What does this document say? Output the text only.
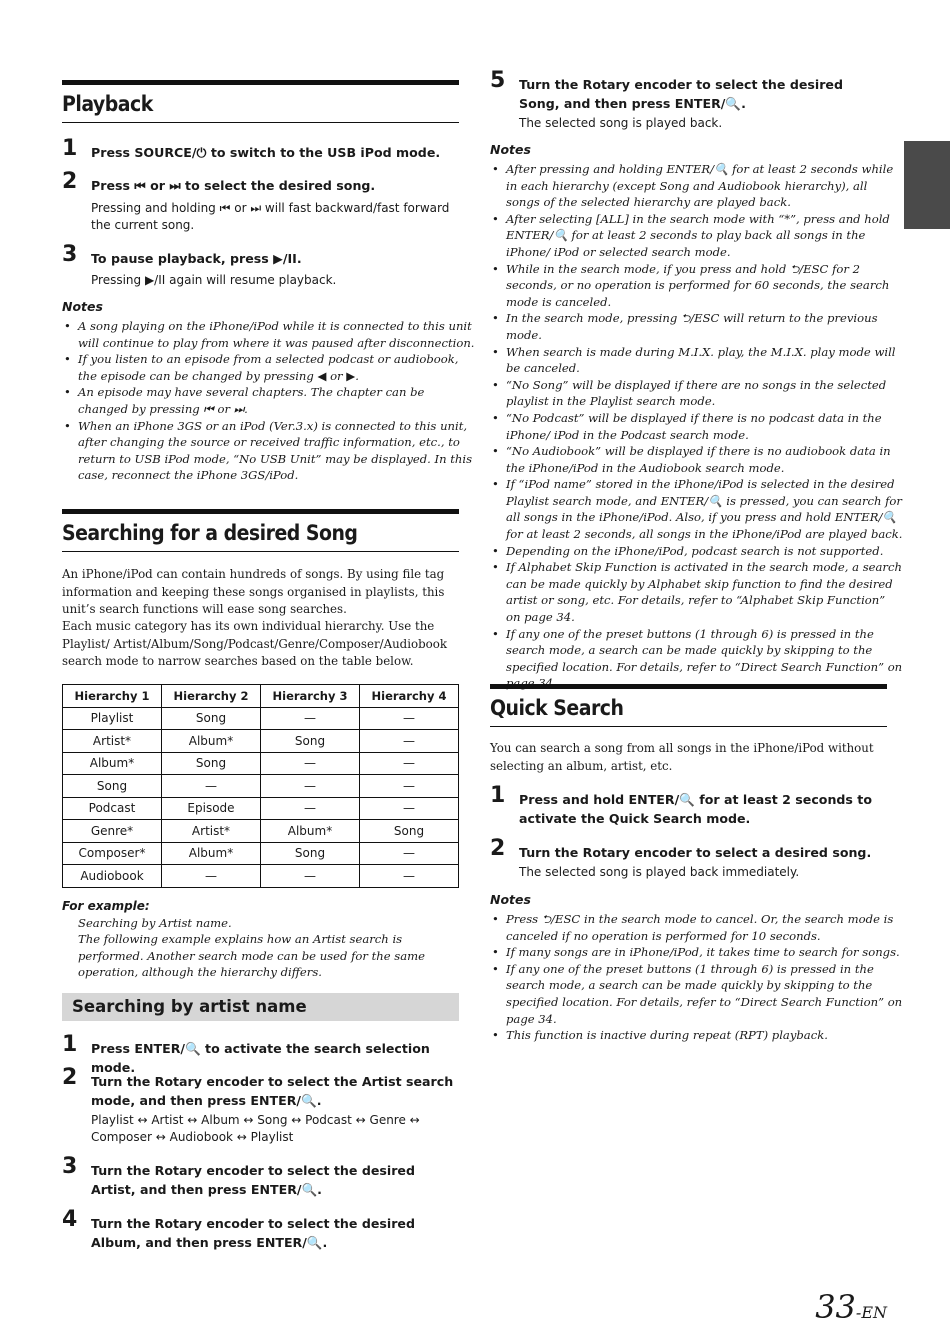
Playback
1 Press SOURCE/⏻ to switch to the USB iPod mode.
2 Press ⏮ or ⏭ to select the desired song.
Pressing and holding ⏮ or ⏭ will fast backward/fast forward the current song.
3 To pause playback, press ▶/II.
Pressing ▶/II again will resume playback.
Notes
• A song playing on the iPhone/iPod while it is connected to this unit will continue to play from where it was paused after disconnection.
• If you listen to an episode from a selected podcast or audiobook, the episode can be changed by pressing ◀ or ▶.
• An episode may have several chapters. The chapter can be changed by pressing ⏮ or ⏭.
• When an iPhone 3GS or an iPod (Ver.3.x) is connected to this unit, after changing the source or received traffic information, etc., to return to USB iPod mode, “No USB Unit” may be displayed. In this case, reconnect the iPhone 3GS/iPod.
Searching for a desired Song
An iPhone/iPod can contain hundreds of songs. By using file tag information and keeping these songs organised in playlists, this unit’s search functions will ease song searches.
Each music category has its own individual hierarchy. Use the Playlist/ Artist/Album/Song/Podcast/Genre/Composer/Audiobook search mode to narrow searches based on the table below.
Hierarchy 1	Hierarchy 2	Hierarchy 3	Hierarchy 4
Playlist	Song	—	—
Artist*	Album*	Song	—
Album*	Song	—	—
Song	—	—	—
Podcast	Episode	—	—
Genre*	Artist*	Album*	Song
Composer*	Album*	Song	—
Audiobook	—	—	—
For example:
Searching by Artist name.
The following example explains how an Artist search is performed. Another search mode can be used for the same operation, although the hierarchy differs.
Searching by artist name
1 Press ENTER/🔍 to activate the search selection mode.
2 Turn the Rotary encoder to select the Artist search mode, and then press ENTER/🔍.
Playlist ↔ Artist ↔ Album ↔ Song ↔ Podcast ↔ Genre ↔ Composer ↔ Audiobook ↔ Playlist
3 Turn the Rotary encoder to select the desired Artist, and then press ENTER/🔍.
4 Turn the Rotary encoder to select the desired Album, and then press ENTER/🔍.
5 Turn the Rotary encoder to select the desired Song, and then press ENTER/🔍.
The selected song is played back.
Notes
• After pressing and holding ENTER/🔍 for at least 2 seconds while in each hierarchy (except Song and Audiobook hierarchy), all songs of the selected hierarchy are played back.
• After selecting [ALL] in the search mode with “*”, press and hold ENTER/🔍 for at least 2 seconds to play back all songs in the iPhone/ iPod or selected search mode.
• While in the search mode, if you press and hold ⮌/ESC for 2 seconds, or no operation is performed for 60 seconds, the search mode is canceled.
• In the search mode, pressing ⮌/ESC will return to the previous mode.
• When search is made during M.I.X. play, the M.I.X. play mode will be canceled.
• “No Song” will be displayed if there are no songs in the selected playlist in the Playlist search mode.
• “No Podcast” will be displayed if there is no podcast data in the iPhone/ iPod in the Podcast search mode.
• “No Audiobook” will be displayed if there is no audiobook data in the iPhone/iPod in the Audiobook search mode.
• If “iPod name” stored in the iPhone/iPod is selected in the desired Playlist search mode, and ENTER/🔍 is pressed, you can search for all songs in the iPhone/iPod. Also, if you press and hold ENTER/🔍 for at least 2 seconds, all songs in the iPhone/iPod are played back.
• Depending on the iPhone/iPod, podcast search is not supported.
• If Alphabet Skip Function is activated in the search mode, a search can be made quickly by Alphabet skip function to find the desired artist or song, etc. For details, refer to “Alphabet Skip Function” on page 34.
• If any one of the preset buttons (1 through 6) is pressed in the search mode, a search can be made quickly by skipping to the specified location. For details, refer to “Direct Search Function” on page 34.
Quick Search
You can search a song from all songs in the iPhone/iPod without selecting an album, artist, etc.
1 Press and hold ENTER/🔍 for at least 2 seconds to activate the Quick Search mode.
2 Turn the Rotary encoder to select a desired song.
The selected song is played back immediately.
Notes
• Press ⮌/ESC in the search mode to cancel. Or, the search mode is canceled if no operation is performed for 10 seconds.
• If many songs are in iPhone/iPod, it takes time to search for songs.
• If any one of the preset buttons (1 through 6) is pressed in the search mode, a search can be made quickly by skipping to the specified location. For details, refer to “Direct Search Function” on page 34.
• This function is inactive during repeat (RPT) playback.
33-EN
